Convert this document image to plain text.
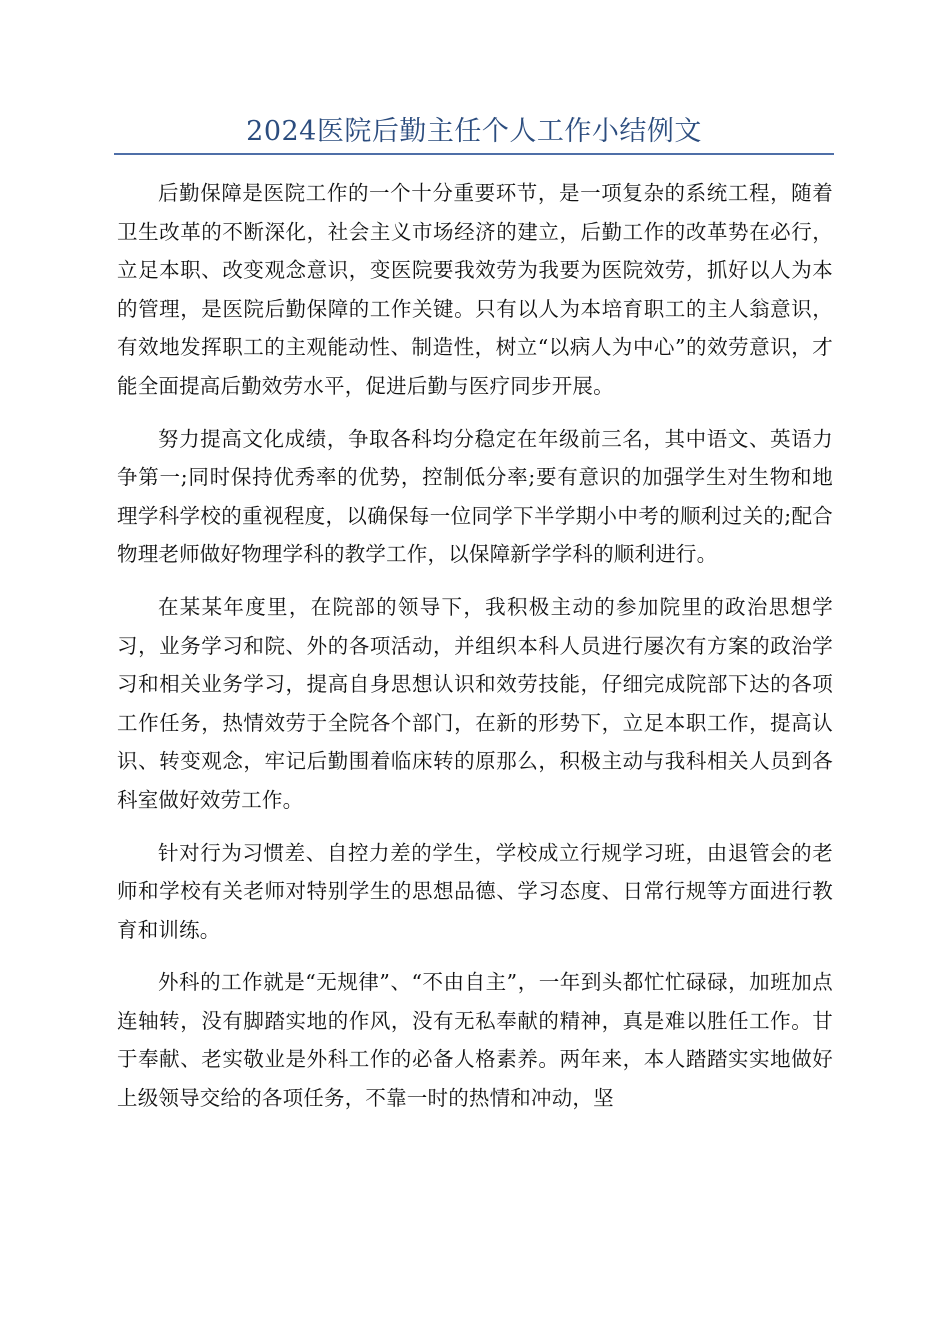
2024医院后勤主任个人工作小结例文

后勤保障是医院工作的一个十分重要环节，是一项复杂的系统工程，随着卫生改革的不断深化，社会主义市场经济的建立，后勤工作的改革势在必行，立足本职、改变观念意识，变医院要我效劳为我要为医院效劳，抓好以人为本的管理，是医院后勤保障的工作关键。只有以人为本培育职工的主人翁意识，有效地发挥职工的主观能动性、制造性，树立“以病人为中心”的效劳意识，才能全面提高后勤效劳水平，促进后勤与医疗同步开展。

努力提高文化成绩，争取各科均分稳定在年级前三名，其中语文、英语力争第一;同时保持优秀率的优势，控制低分率;要有意识的加强学生对生物和地理学科学校的重视程度，以确保每一位同学下半学期小中考的顺利过关的;配合物理老师做好物理学科的教学工作，以保障新学学科的顺利进行。

在某某年度里，在院部的领导下，我积极主动的参加院里的政治思想学习，业务学习和院、外的各项活动，并组织本科人员进行屡次有方案的政治学习和相关业务学习，提高自身思想认识和效劳技能，仔细完成院部下达的各项工作任务，热情效劳于全院各个部门，在新的形势下，立足本职工作，提高认识、转变观念，牢记后勤围着临床转的原那么，积极主动与我科相关人员到各科室做好效劳工作。

针对行为习惯差、自控力差的学生，学校成立行规学习班，由退管会的老师和学校有关老师对特别学生的思想品德、学习态度、日常行规等方面进行教育和训练。

外科的工作就是“无规律”、“不由自主”，一年到头都忙忙碌碌，加班加点连轴转，没有脚踏实地的作风，没有无私奉献的精神，真是难以胜任工作。甘于奉献、老实敬业是外科工作的必备人格素养。两年来，本人踏踏实实地做好上级领导交给的各项任务，不靠一时的热情和冲动，坚
